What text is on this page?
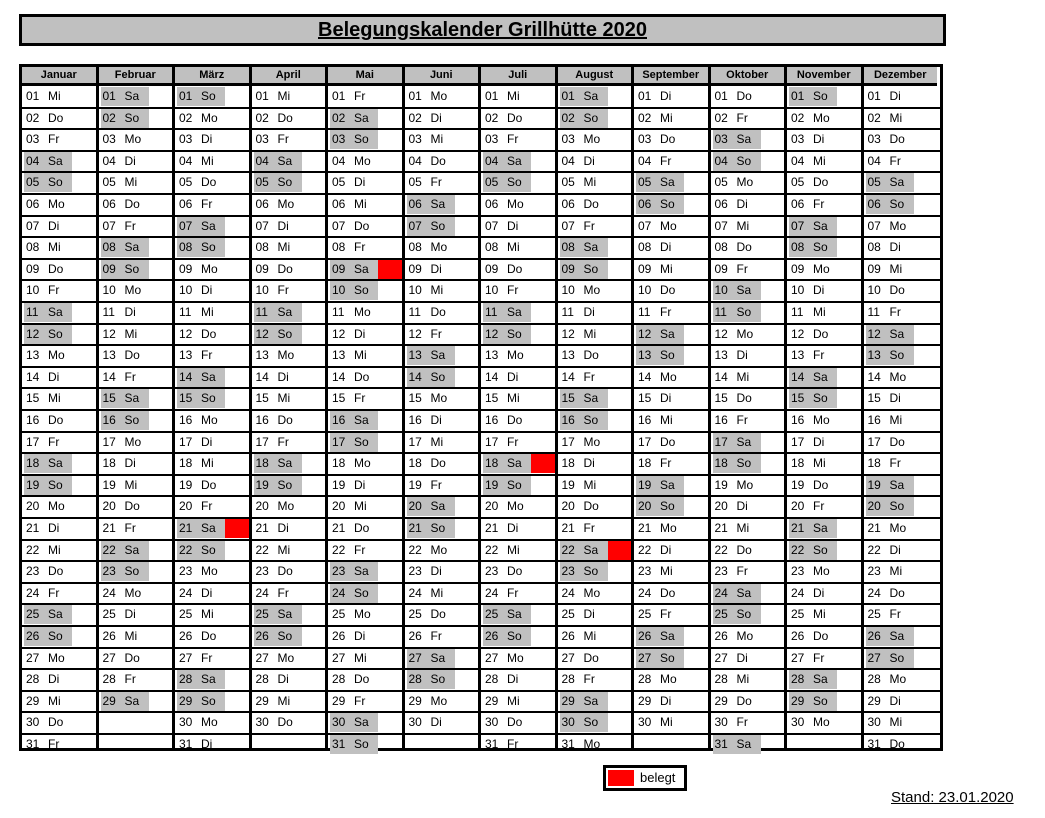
Belegungskalender Grillhütte 2020
Januar
01 Mi
02 Do
03 Fr
04 Sa
05 So
06 Mo
07 Di
08 Mi
09 Do
10 Fr
11 Sa
12 So
13 Mo
14 Di
15 Mi
16 Do
17 Fr
18 Sa
19 So
20 Mo
21 Di
22 Mi
23 Do
24 Fr
25 Sa
26 So
27 Mo
28 Di
29 Mi
30 Do
31 Fr
Februar
01 Sa
02 So
03 Mo
04 Di
05 Mi
06 Do
07 Fr
08 Sa
09 So
10 Mo
11 Di
12 Mi
13 Do
14 Fr
15 Sa
16 So
17 Mo
18 Di
19 Mi
20 Do
21 Fr
22 Sa
23 So
24 Mo
25 Di
26 Mi
27 Do
28 Fr
29 Sa
März
01 So
02 Mo
03 Di
04 Mi
05 Do
06 Fr
07 Sa
08 So
09 Mo
10 Di
11 Mi
12 Do
13 Fr
14 Sa
15 So
16 Mo
17 Di
18 Mi
19 Do
20 Fr
21 Sa
22 So
23 Mo
24 Di
25 Mi
26 Do
27 Fr
28 Sa
29 So
30 Mo
31 Di
April
01 Mi
02 Do
03 Fr
04 Sa
05 So
06 Mo
07 Di
08 Mi
09 Do
10 Fr
11 Sa
12 So
13 Mo
14 Di
15 Mi
16 Do
17 Fr
18 Sa
19 So
20 Mo
21 Di
22 Mi
23 Do
24 Fr
25 Sa
26 So
27 Mo
28 Di
29 Mi
30 Do
Mai
01 Fr
02 Sa
03 So
04 Mo
05 Di
06 Mi
07 Do
08 Fr
09 Sa
10 So
11 Mo
12 Di
13 Mi
14 Do
15 Fr
16 Sa
17 So
18 Mo
19 Di
20 Mi
21 Do
22 Fr
23 Sa
24 So
25 Mo
26 Di
27 Mi
28 Do
29 Fr
30 Sa
31 So
Juni
01 Mo
02 Di
03 Mi
04 Do
05 Fr
06 Sa
07 So
08 Mo
09 Di
10 Mi
11 Do
12 Fr
13 Sa
14 So
15 Mo
16 Di
17 Mi
18 Do
19 Fr
20 Sa
21 So
22 Mo
23 Di
24 Mi
25 Do
26 Fr
27 Sa
28 So
29 Mo
30 Di
Juli
01 Mi
02 Do
03 Fr
04 Sa
05 So
06 Mo
07 Di
08 Mi
09 Do
10 Fr
11 Sa
12 So
13 Mo
14 Di
15 Mi
16 Do
17 Fr
18 Sa
19 So
20 Mo
21 Di
22 Mi
23 Do
24 Fr
25 Sa
26 So
27 Mo
28 Di
29 Mi
30 Do
31 Fr
August
01 Sa
02 So
03 Mo
04 Di
05 Mi
06 Do
07 Fr
08 Sa
09 So
10 Mo
11 Di
12 Mi
13 Do
14 Fr
15 Sa
16 So
17 Mo
18 Di
19 Mi
20 Do
21 Fr
22 Sa
23 So
24 Mo
25 Di
26 Mi
27 Do
28 Fr
29 Sa
30 So
31 Mo
September
01 Di
02 Mi
03 Do
04 Fr
05 Sa
06 So
07 Mo
08 Di
09 Mi
10 Do
11 Fr
12 Sa
13 So
14 Mo
15 Di
16 Mi
17 Do
18 Fr
19 Sa
20 So
21 Mo
22 Di
23 Mi
24 Do
25 Fr
26 Sa
27 So
28 Mo
29 Di
30 Mi
Oktober
01 Do
02 Fr
03 Sa
04 So
05 Mo
06 Di
07 Mi
08 Do
09 Fr
10 Sa
11 So
12 Mo
13 Di
14 Mi
15 Do
16 Fr
17 Sa
18 So
19 Mo
20 Di
21 Mi
22 Do
23 Fr
24 Sa
25 So
26 Mo
27 Di
28 Mi
29 Do
30 Fr
31 Sa
November
01 So
02 Mo
03 Di
04 Mi
05 Do
06 Fr
07 Sa
08 So
09 Mo
10 Di
11 Mi
12 Do
13 Fr
14 Sa
15 So
16 Mo
17 Di
18 Mi
19 Do
20 Fr
21 Sa
22 So
23 Mo
24 Di
25 Mi
26 Do
27 Fr
28 Sa
29 So
30 Mo
Dezember
01 Di
02 Mi
03 Do
04 Fr
05 Sa
06 So
07 Mo
08 Di
09 Mi
10 Do
11 Fr
12 Sa
13 So
14 Mo
15 Di
16 Mi
17 Do
18 Fr
19 Sa
20 So
21 Mo
22 Di
23 Mi
24 Do
25 Fr
26 Sa
27 So
28 Mo
29 Di
30 Mi
31 Do
belegt
Stand: 23.01.2020
